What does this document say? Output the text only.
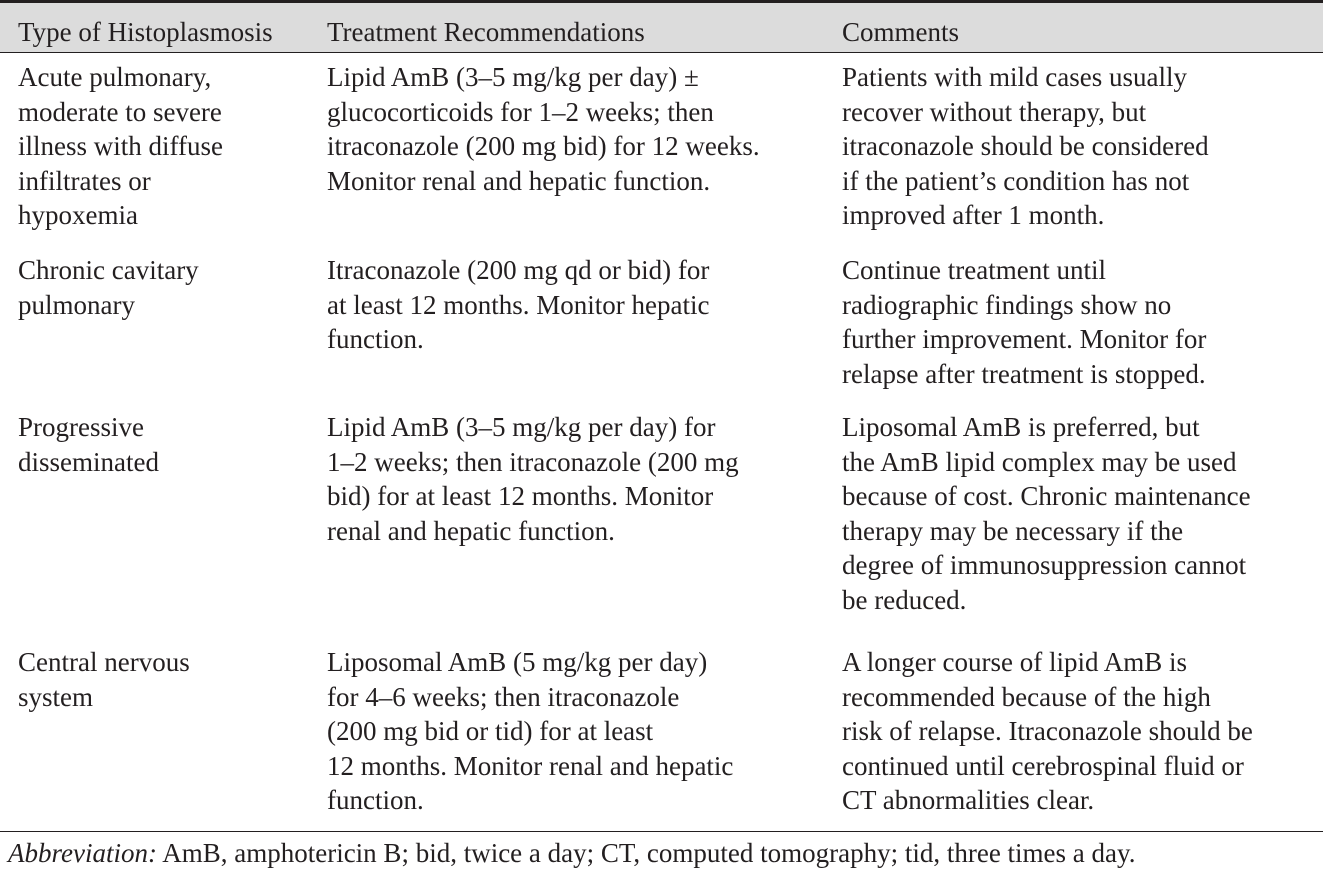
Type of Histoplasmosis	Treatment Recommendations	Comments
Acute pulmonary,
moderate to severe
illness with diffuse
infiltrates or
hypoxemia
Lipid AmB (3–5 mg/kg per day) ±
glucocorticoids for 1–2 weeks; then
itraconazole (200 mg bid) for 12 weeks.
Monitor renal and hepatic function.
Patients with mild cases usually
recover without therapy, but
itraconazole should be considered
if the patient’s condition has not
improved after 1 month.
Chronic cavitary
pulmonary
Itraconazole (200 mg qd or bid) for
at least 12 months. Monitor hepatic
function.
Continue treatment until
radiographic findings show no
further improvement. Monitor for
relapse after treatment is stopped.
Progressive
disseminated
Lipid AmB (3–5 mg/kg per day) for
1–2 weeks; then itraconazole (200 mg
bid) for at least 12 months. Monitor
renal and hepatic function.
Liposomal AmB is preferred, but
the AmB lipid complex may be used
because of cost. Chronic maintenance
therapy may be necessary if the
degree of immunosuppression cannot
be reduced.
Central nervous
system
Liposomal AmB (5 mg/kg per day)
for 4–6 weeks; then itraconazole
(200 mg bid or tid) for at least
12 months. Monitor renal and hepatic
function.
A longer course of lipid AmB is
recommended because of the high
risk of relapse. Itraconazole should be
continued until cerebrospinal fluid or
CT abnormalities clear.
Abbreviation: AmB, amphotericin B; bid, twice a day; CT, computed tomography; tid, three times a day.
